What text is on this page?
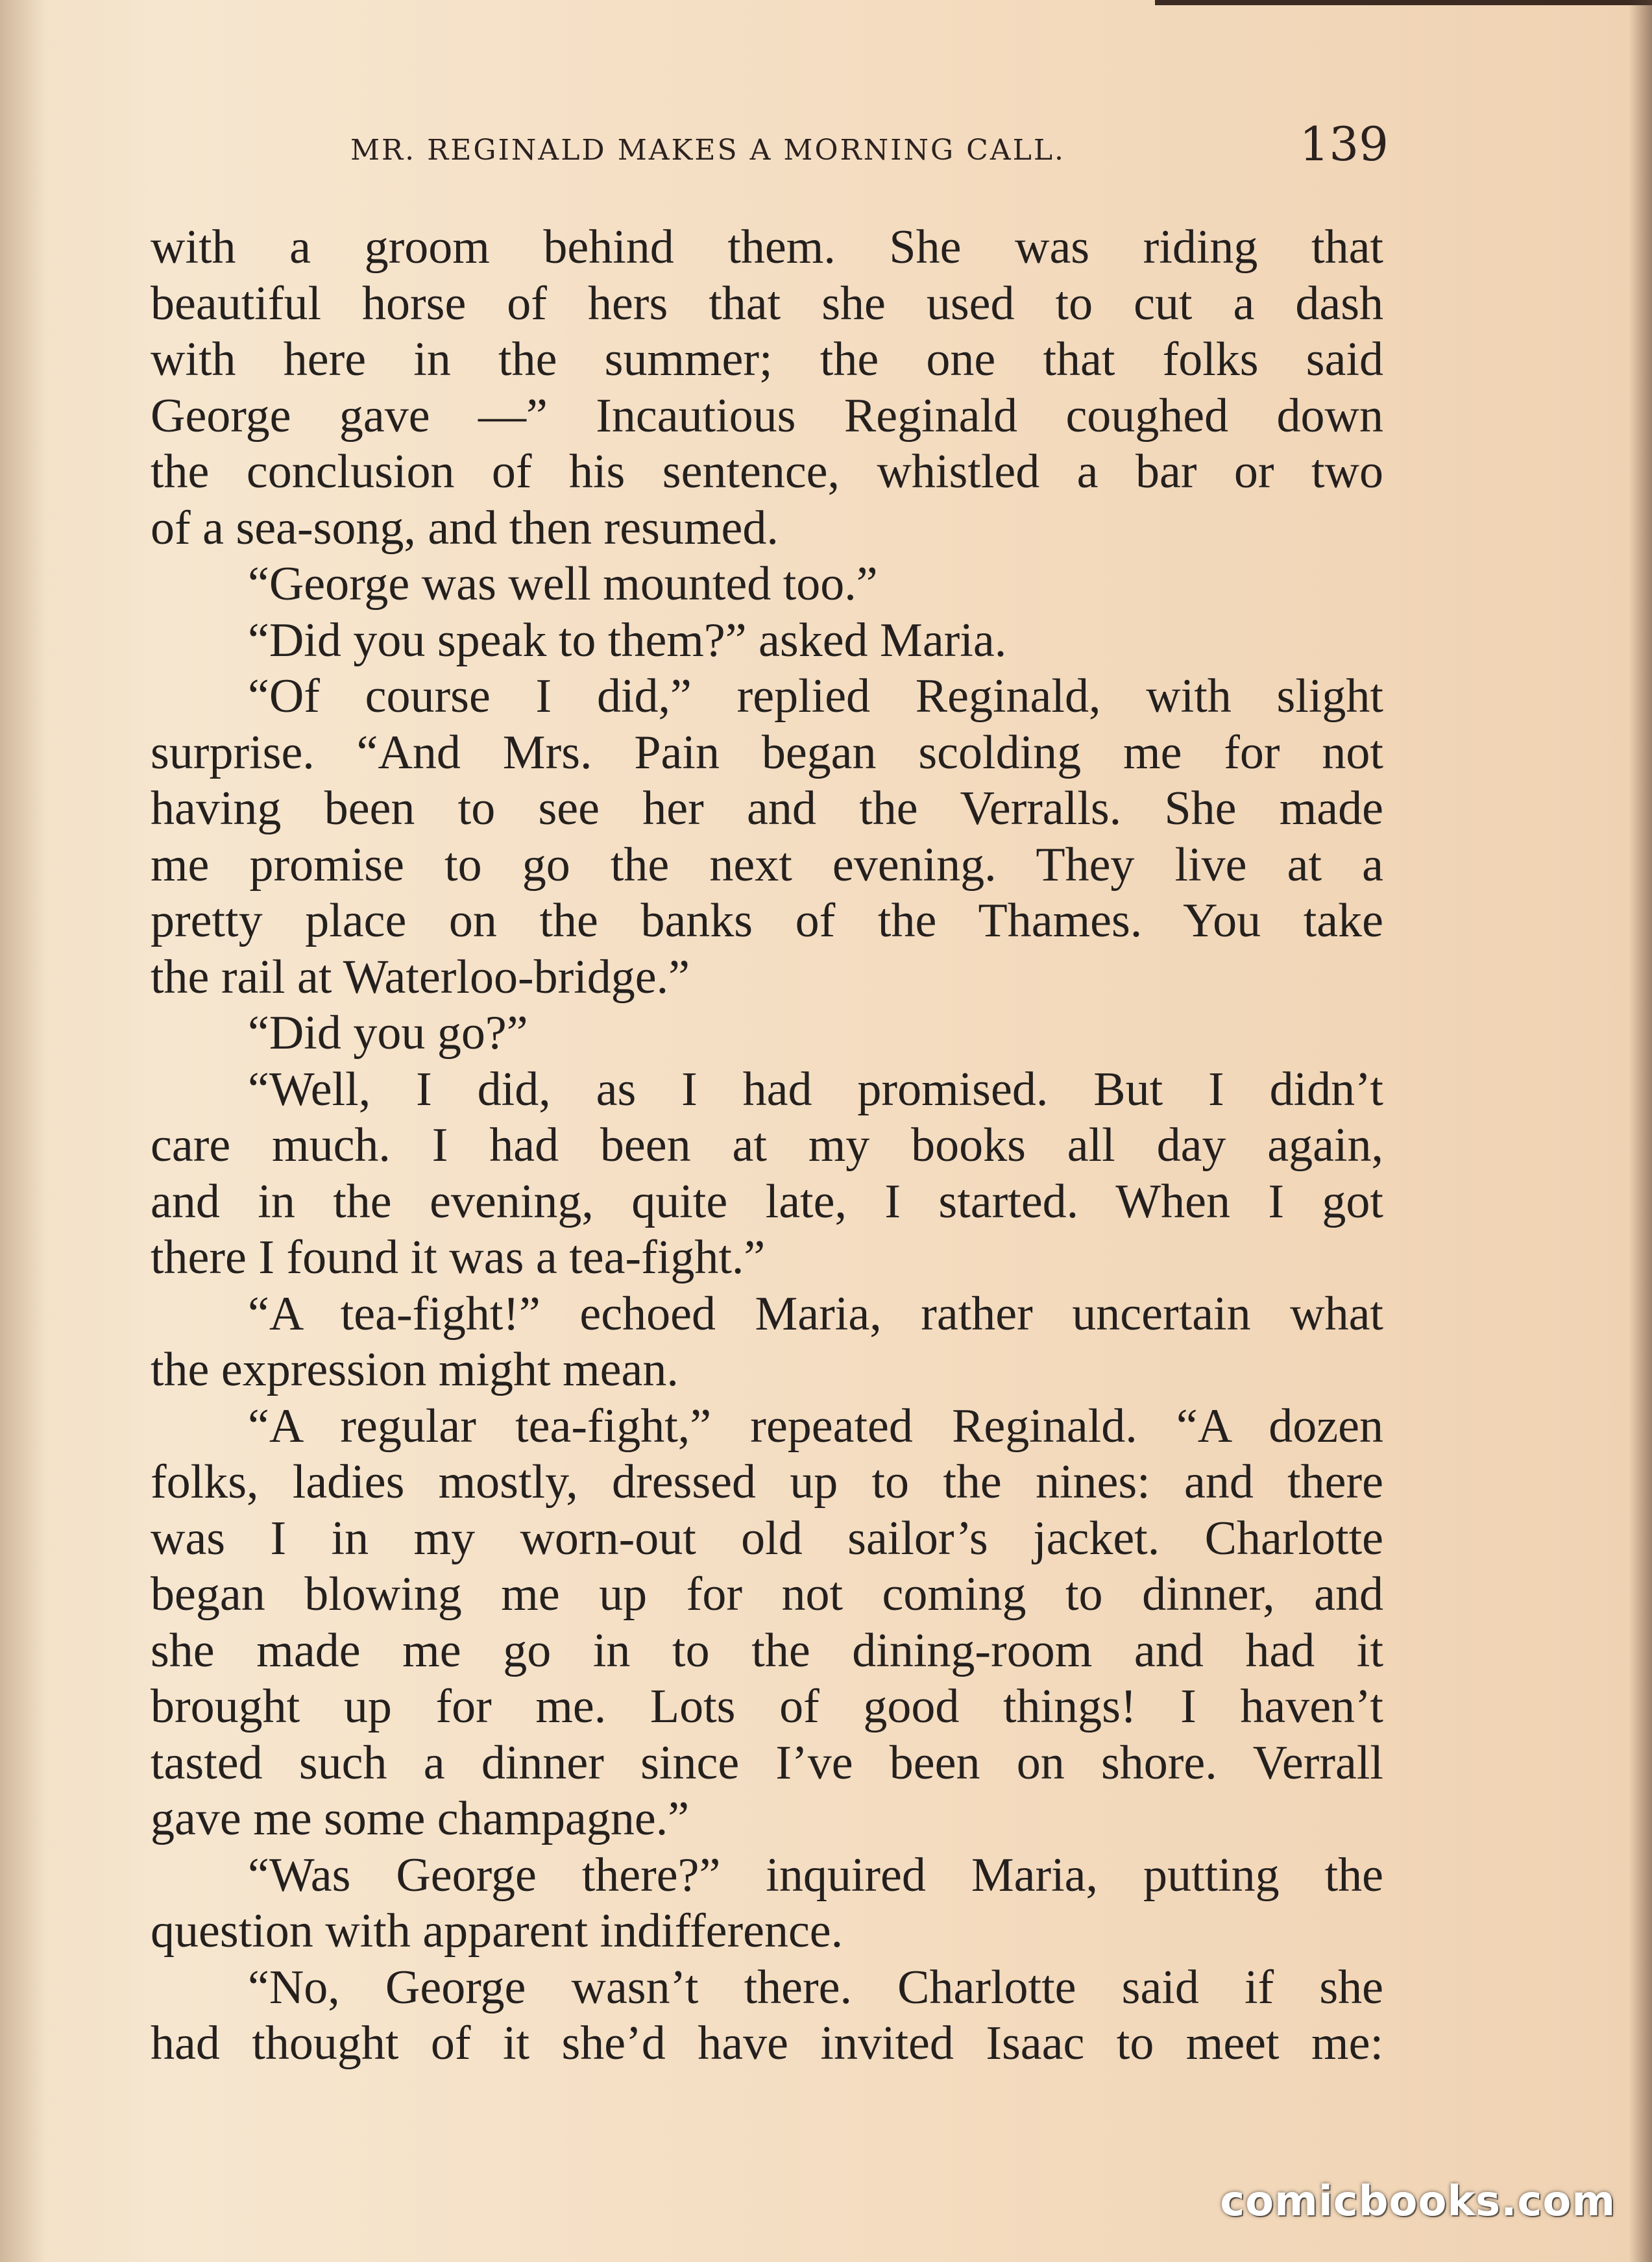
MR. REGINALD MAKES A MORNING CALL.	139
with a groom behind them. She was riding that
beautiful horse of hers that she used to cut a dash
with here in the summer; the one that folks said
George gave —” Incautious Reginald coughed down
the conclusion of his sentence, whistled a bar or two
of a sea-song, and then resumed.
“George was well mounted too.”
“Did you speak to them?” asked Maria.
“Of course I did,” replied Reginald, with slight
surprise. “And Mrs. Pain began scolding me for not
having been to see her and the Verralls. She made
me promise to go the next evening. They live at a
pretty place on the banks of the Thames. You take
the rail at Waterloo-bridge.”
“Did you go?”
“Well, I did, as I had promised. But I didn’t
care much. I had been at my books all day again,
and in the evening, quite late, I started. When I got
there I found it was a tea-fight.”
“A tea-fight!” echoed Maria, rather uncertain what
the expression might mean.
“A regular tea-fight,” repeated Reginald. “A dozen
folks, ladies mostly, dressed up to the nines: and there
was I in my worn-out old sailor’s jacket. Charlotte
began blowing me up for not coming to dinner, and
she made me go in to the dining-room and had it
brought up for me. Lots of good things! I haven’t
tasted such a dinner since I’ve been on shore. Verrall
gave me some champagne.”
“Was George there?” inquired Maria, putting the
question with apparent indifference.
“No, George wasn’t there. Charlotte said if she
had thought of it she’d have invited Isaac to meet me:
comicbooks.com
